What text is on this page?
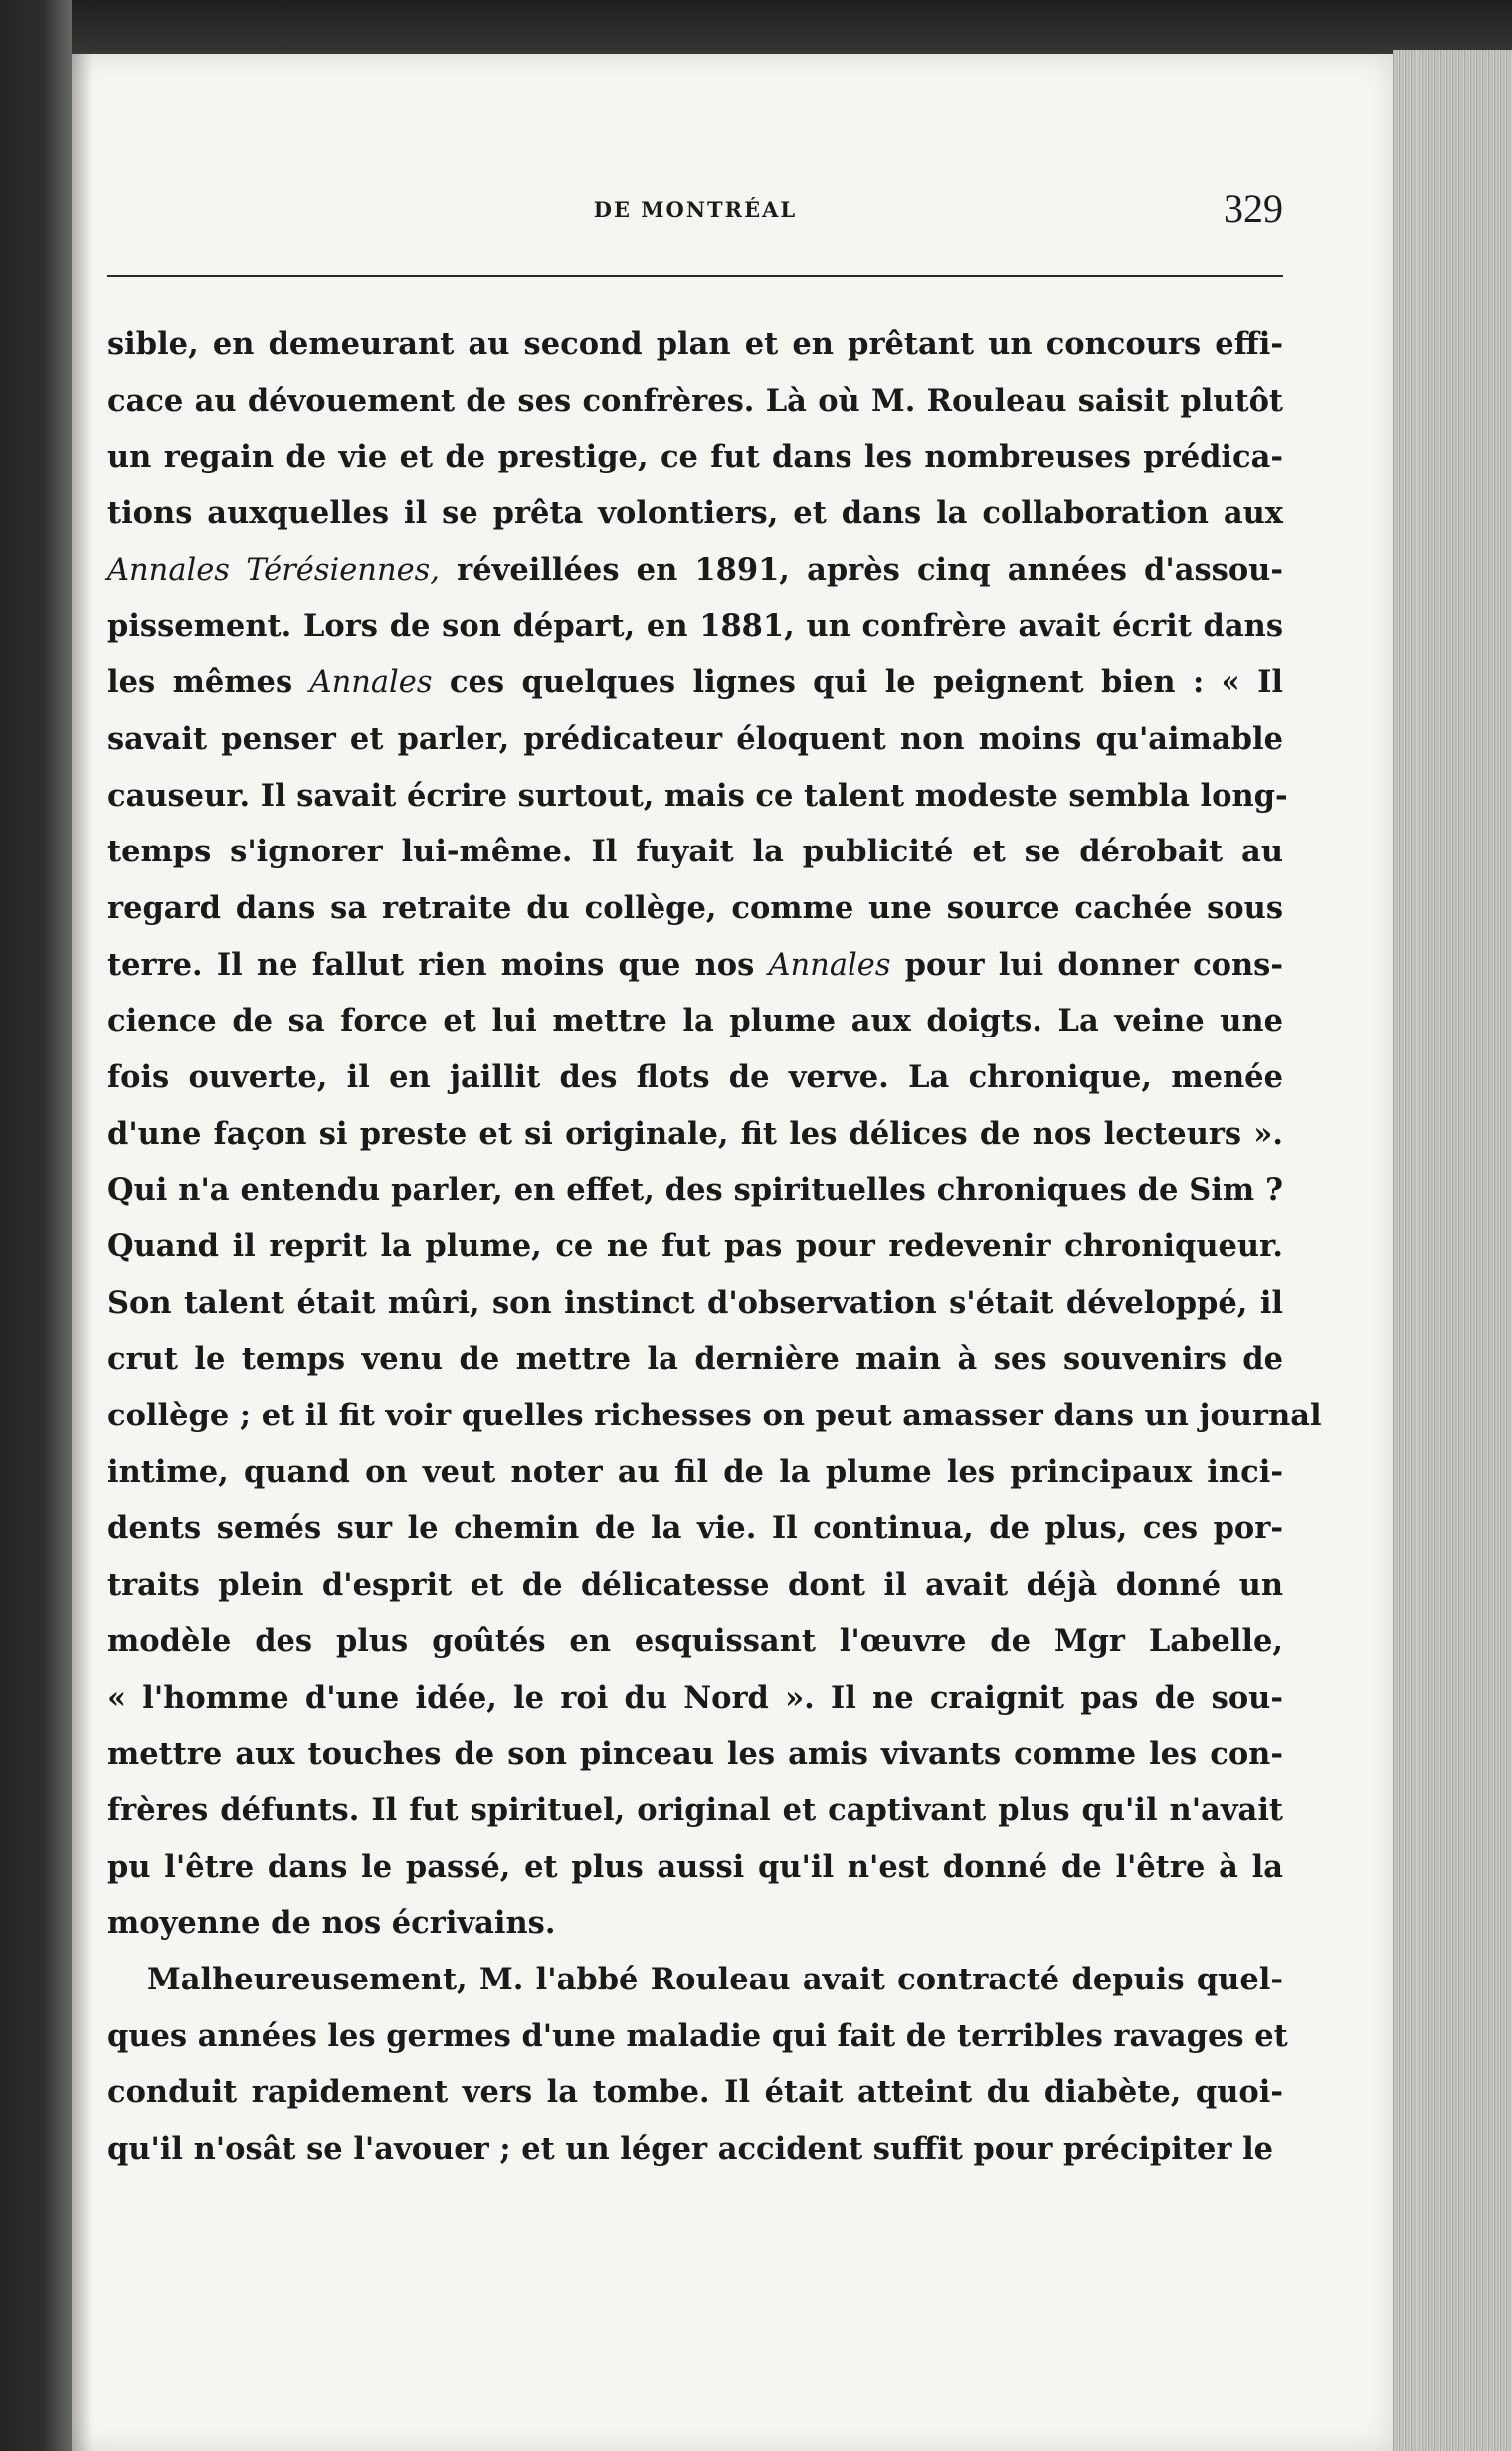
DE MONTRÉAL	329
sible, en demeurant au second plan et en prêtant un concours effi-
cace au dévouement de ses confrères. Là où M. Rouleau saisit plutôt
un regain de vie et de prestige, ce fut dans les nombreuses prédica-
tions auxquelles il se prêta volontiers, et dans la collaboration aux
Annales Térésiennes, réveillées en 1891, après cinq années d'assou-
pissement. Lors de son départ, en 1881, un confrère avait écrit dans
les mêmes Annales ces quelques lignes qui le peignent bien : « Il
savait penser et parler, prédicateur éloquent non moins qu'aimable
causeur. Il savait écrire surtout, mais ce talent modeste sembla long-
temps s'ignorer lui-même. Il fuyait la publicité et se dérobait au
regard dans sa retraite du collège, comme une source cachée sous
terre. Il ne fallut rien moins que nos Annales pour lui donner cons-
cience de sa force et lui mettre la plume aux doigts. La veine une
fois ouverte, il en jaillit des flots de verve. La chronique, menée
d'une façon si preste et si originale, fit les délices de nos lecteurs ».
Qui n'a entendu parler, en effet, des spirituelles chroniques de Sim ?
Quand il reprit la plume, ce ne fut pas pour redevenir chroniqueur.
Son talent était mûri, son instinct d'observation s'était développé, il
crut le temps venu de mettre la dernière main à ses souvenirs de
collège ; et il fit voir quelles richesses on peut amasser dans un journal
intime, quand on veut noter au fil de la plume les principaux inci-
dents semés sur le chemin de la vie. Il continua, de plus, ces por-
traits plein d'esprit et de délicatesse dont il avait déjà donné un
modèle des plus goûtés en esquissant l'œuvre de Mgr Labelle,
« l'homme d'une idée, le roi du Nord ». Il ne craignit pas de sou-
mettre aux touches de son pinceau les amis vivants comme les con-
frères défunts. Il fut spirituel, original et captivant plus qu'il n'avait
pu l'être dans le passé, et plus aussi qu'il n'est donné de l'être à la
moyenne de nos écrivains.
Malheureusement, M. l'abbé Rouleau avait contracté depuis quel-
ques années les germes d'une maladie qui fait de terribles ravages et
conduit rapidement vers la tombe. Il était atteint du diabète, quoi-
qu'il n'osât se l'avouer ; et un léger accident suffit pour précipiter le
